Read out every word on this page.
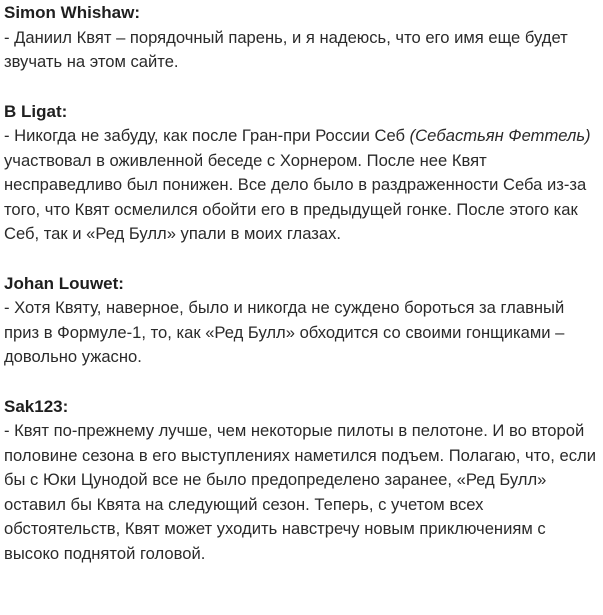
Simon Whishaw:
- Даниил Квят – порядочный парень, и я надеюсь, что его имя еще будет звучать на этом сайте.
B Ligat:
- Никогда не забуду, как после Гран-при России Себ (Себастьян Феттель) участвовал в оживленной беседе с Хорнером. После нее Квят несправедливо был понижен. Все дело было в раздраженности Себа из-за того, что Квят осмелился обойти его в предыдущей гонке. После этого как Себ, так и «Ред Булл» упали в моих глазах.
Johan Louwet:
- Хотя Квяту, наверное, было и никогда не суждено бороться за главный приз в Формуле-1, то, как «Ред Булл» обходится со своими гонщиками – довольно ужасно.
Sak123:
- Квят по-прежнему лучше, чем некоторые пилоты в пелотоне. И во второй половине сезона в его выступлениях наметился подъем. Полагаю, что, если бы с Юки Цунодой все не было предопределено заранее, «Ред Булл» оставил бы Квята на следующий сезон. Теперь, с учетом всех обстоятельств, Квят может уходить навстречу новым приключениям с высоко поднятой головой.
